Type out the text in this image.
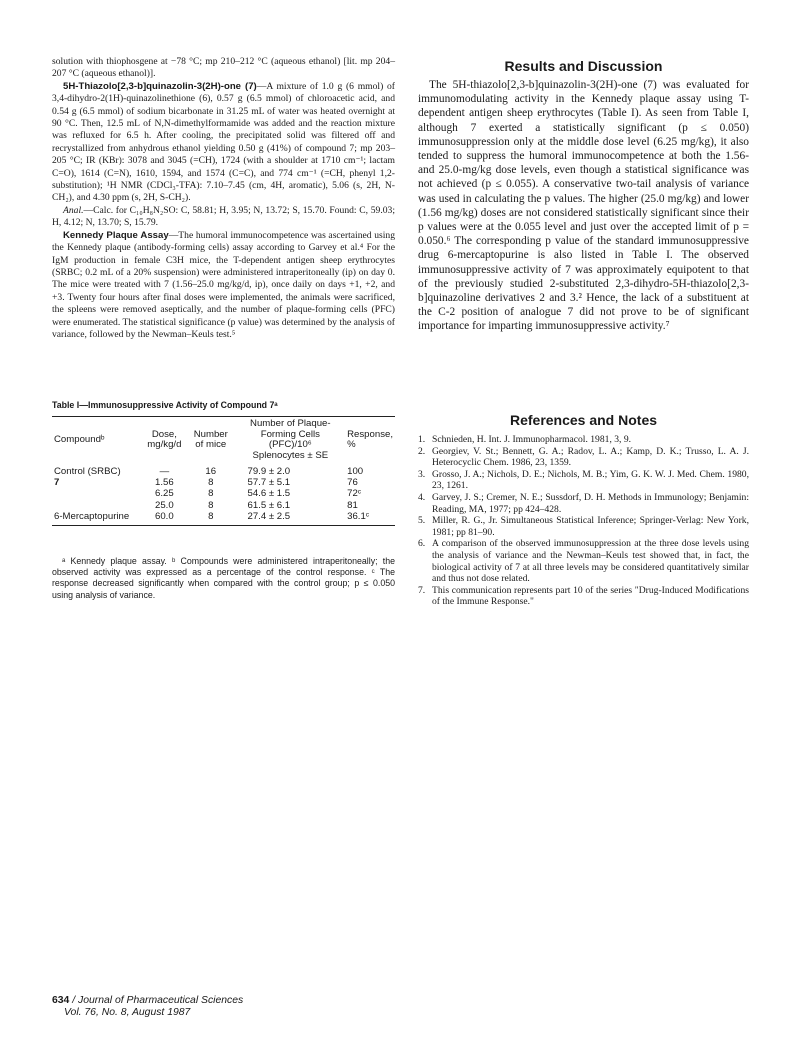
solution with thiophosgene at −78 °C; mp 210–212 °C (aqueous ethanol) [lit. mp 204–207 °C (aqueous ethanol)].

5H-Thiazolo[2,3-b]quinazolin-3(2H)-one (7)—A mixture of 1.0 g (6 mmol) of 3,4-dihydro-2(1H)-quinazolinethione (6), 0.57 g (6.5 mmol) of chloroacetic acid, and 0.54 g (6.5 mmol) of sodium bicarbonate in 31.25 mL of water was heated overnight at 90 °C. Then, 12.5 mL of N,N-dimethylformamide was added and the reaction mixture was refluxed for 6.5 h. After cooling, the precipitated solid was filtered off and recrystallized from anhydrous ethanol yielding 0.50 g (41%) of compound 7; mp 203–205 °C; IR (KBr): 3078 and 3045 (=CH), 1724 (with a shoulder at 1710 cm⁻¹; lactam C=O), 1614 (C=N), 1610, 1594, and 1574 (C=C), and 774 cm⁻¹ (=CH, phenyl 1,2-substitution); ¹H NMR (CDCl₃-TFA): 7.10–7.45 (cm, 4H, aromatic), 5.06 (s, 2H, N-CH₂), and 4.30 ppm (s, 2H, S-CH₂).

Anal.—Calc. for C₁₀H₈N₂SO: C, 58.81; H, 3.95; N, 13.72; S, 15.70. Found: C, 59.03; H, 4.12; N, 13.70; S, 15.79.

Kennedy Plaque Assay—The humoral immunocompetence was ascertained using the Kennedy plaque (antibody-forming cells) assay according to Garvey et al.⁴ For the IgM production in female C3H mice, the T-dependent antigen sheep erythrocytes (SRBC; 0.2 mL of a 20% suspension) were administered intraperitoneally (ip) on day 0. The mice were treated with 7 (1.56–25.0 mg/kg/d, ip), once daily on days +1, +2, and +3. Twenty four hours after final doses were implemented, the animals were sacrificed, the spleens were removed aseptically, and the number of plaque-forming cells (PFC) were enumerated. The statistical significance (p value) was determined by the analysis of variance, followed by the Newman–Keuls test.⁵

Table I—Immunosuppressive Activity of Compound 7ᵃ
Compoundᵇ	Dose, mg/kg/d	Number of mice	Number of Plaque-Forming Cells (PFC)/10⁶ Splenocytes ± SE	Response, %

Control (SRBC)	—	16	79.9 ± 2.0	100
7	1.56	8	57.7 ± 5.1	76
	6.25	8	54.6 ± 1.5	72ᶜ
	25.0	8	61.5 ± 6.1	81
6-Mercaptopurine	60.0	8	27.4 ± 2.5	36.1ᶜ

ᵃ Kennedy plaque assay. ᵇ Compounds were administered intraperitoneally; the observed activity was expressed as a percentage of the control response. ᶜ The response decreased significantly when compared with the control group; p ≤ 0.050 using analysis of variance.

Results and Discussion

The 5H-thiazolo[2,3-b]quinazolin-3(2H)-one (7) was evaluated for immunomodulating activity in the Kennedy plaque assay using T-dependent antigen sheep erythrocytes (Table I). As seen from Table I, although 7 exerted a statistically significant (p ≤ 0.050) immunosuppression only at the middle dose level (6.25 mg/kg), it also tended to suppress the humoral immunocompetence at both the 1.56- and 25.0-mg/kg dose levels, even though a statistical significance was not achieved (p ≤ 0.055). A conservative two-tail analysis of variance was used in calculating the p values. The higher (25.0 mg/kg) and lower (1.56 mg/kg) doses are not considered statistically significant since their p values were at the 0.055 level and just over the accepted limit of p = 0.050.⁶ The corresponding p value of the standard immunosuppressive drug 6-mercaptopurine is also listed in Table I. The observed immunosuppressive activity of 7 was approximately equipotent to that of the previously studied 2-substituted 2,3-dihydro-5H-thiazolo[2,3-b]quinazoline derivatives 2 and 3.² Hence, the lack of a substituent at the C-2 position of analogue 7 did not prove to be of significant importance for imparting immunosuppressive activity.⁷

References and Notes
1. Schnieden, H. Int. J. Immunopharmacol. 1981, 3, 9.
2. Georgiev, V. St.; Bennett, G. A.; Radov, L. A.; Kamp, D. K.; Trusso, L. A. J. Heterocyclic Chem. 1986, 23, 1359.
3. Grosso, J. A.; Nichols, D. E.; Nichols, M. B.; Yim, G. K. W. J. Med. Chem. 1980, 23, 1261.
4. Garvey, J. S.; Cremer, N. E.; Sussdorf, D. H. Methods in Immunology; Benjamin: Reading, MA, 1977; pp 424–428.
5. Miller, R. G., Jr. Simultaneous Statistical Inference; Springer-Verlag: New York, 1981; pp 81–90.
6. A comparison of the observed immunosuppression at the three dose levels using the analysis of variance and the Newman–Keuls test showed that, in fact, the biological activity of 7 at all three levels may be considered quantitatively similar and thus not dose related.
7. This communication represents part 10 of the series "Drug-Induced Modifications of the Immune Response."
634 / Journal of Pharmaceutical Sciences
Vol. 76, No. 8, August 1987
